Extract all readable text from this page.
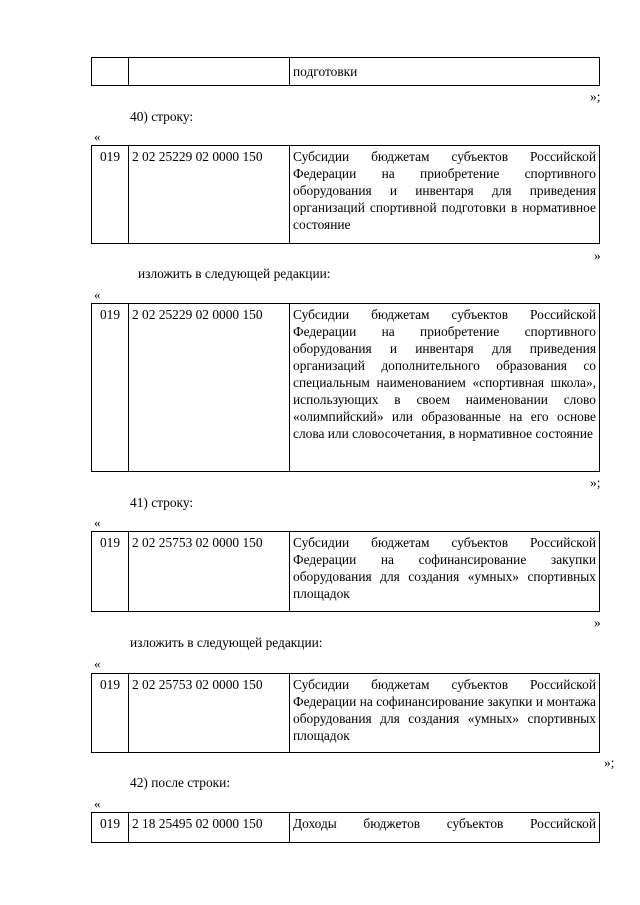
		подготовки
»;
40) строку:
«
019	2 02 25229 02 0000 150	Субсидии бюджетам субъектов Российской Федерации на приобретение спортивного оборудования и инвентаря для приведения организаций спортивной подготовки в нормативное состояние
»
изложить в следующей редакции:
«
019	2 02 25229 02 0000 150	Субсидии бюджетам субъектов Российской Федерации на приобретение спортивного оборудования и инвентаря для приведения организаций дополнительного образования со специальным наименованием «спортивная школа», использующих в своем наименовании слово «олимпийский» или образованные на его основе слова или словосочетания, в нормативное состояние
»;
41) строку:
«
019	2 02 25753 02 0000 150	Субсидии бюджетам субъектов Российской Федерации на софинансирование закупки оборудования для создания «умных» спортивных площадок
»
изложить в следующей редакции:
«
019	2 02 25753 02 0000 150	Субсидии бюджетам субъектов Российской Федерации на софинансирование закупки и монтажа оборудования для создания «умных» спортивных площадок
»;
42) после строки:
«
019	2 18 25495 02 0000 150	Доходы бюджетов субъектов Российской
